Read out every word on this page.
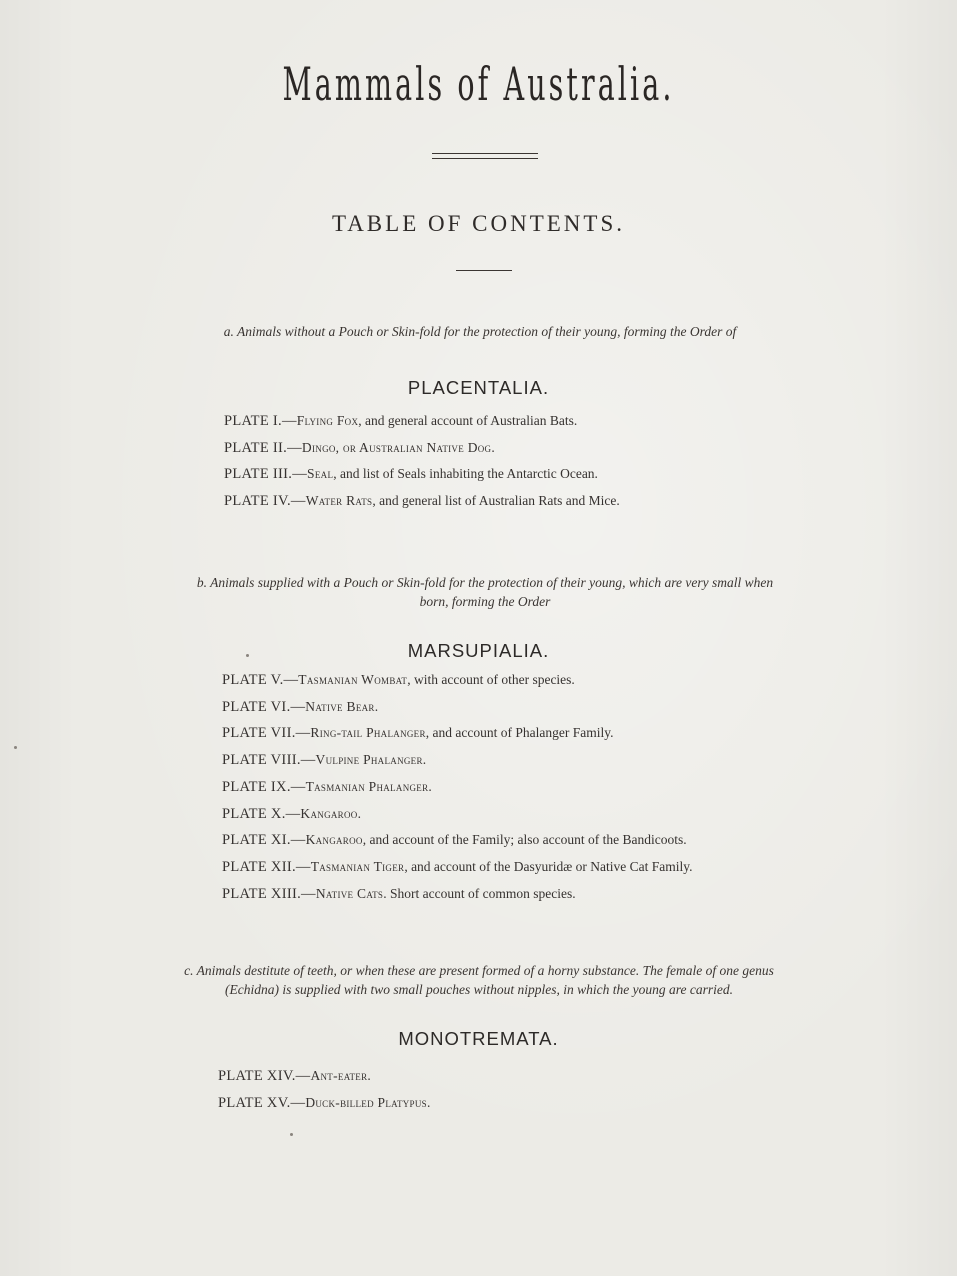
Mammals of Australia.
TABLE OF CONTENTS.
a. Animals without a Pouch or Skin-fold for the protection of their young, forming the Order of
PLACENTALIA.
PLATE I.—Flying Fox, and general account of Australian Bats.
PLATE II.—Dingo, or Australian Native Dog.
PLATE III.—Seal, and list of Seals inhabiting the Antarctic Ocean.
PLATE IV.—Water Rats, and general list of Australian Rats and Mice.
b. Animals supplied with a Pouch or Skin-fold for the protection of their young, which are very small when born, forming the Order
MARSUPIALIA.
PLATE V.—Tasmanian Wombat, with account of other species.
PLATE VI.—Native Bear.
PLATE VII.—Ring-tail Phalanger, and account of Phalanger Family.
PLATE VIII.—Vulpine Phalanger.
PLATE IX.—Tasmanian Phalanger.
PLATE X.—Kangaroo.
PLATE XI.—Kangaroo, and account of the Family; also account of the Bandicoots.
PLATE XII.—Tasmanian Tiger, and account of the Dasyuridæ or Native Cat Family.
PLATE XIII.—Native Cats. Short account of common species.
c. Animals destitute of teeth, or when these are present formed of a horny substance. The female of one genus (Echidna) is supplied with two small pouches without nipples, in which the young are carried.
MONOTREMATA.
PLATE XIV.—Ant-eater.
PLATE XV.—Duck-billed Platypus.
